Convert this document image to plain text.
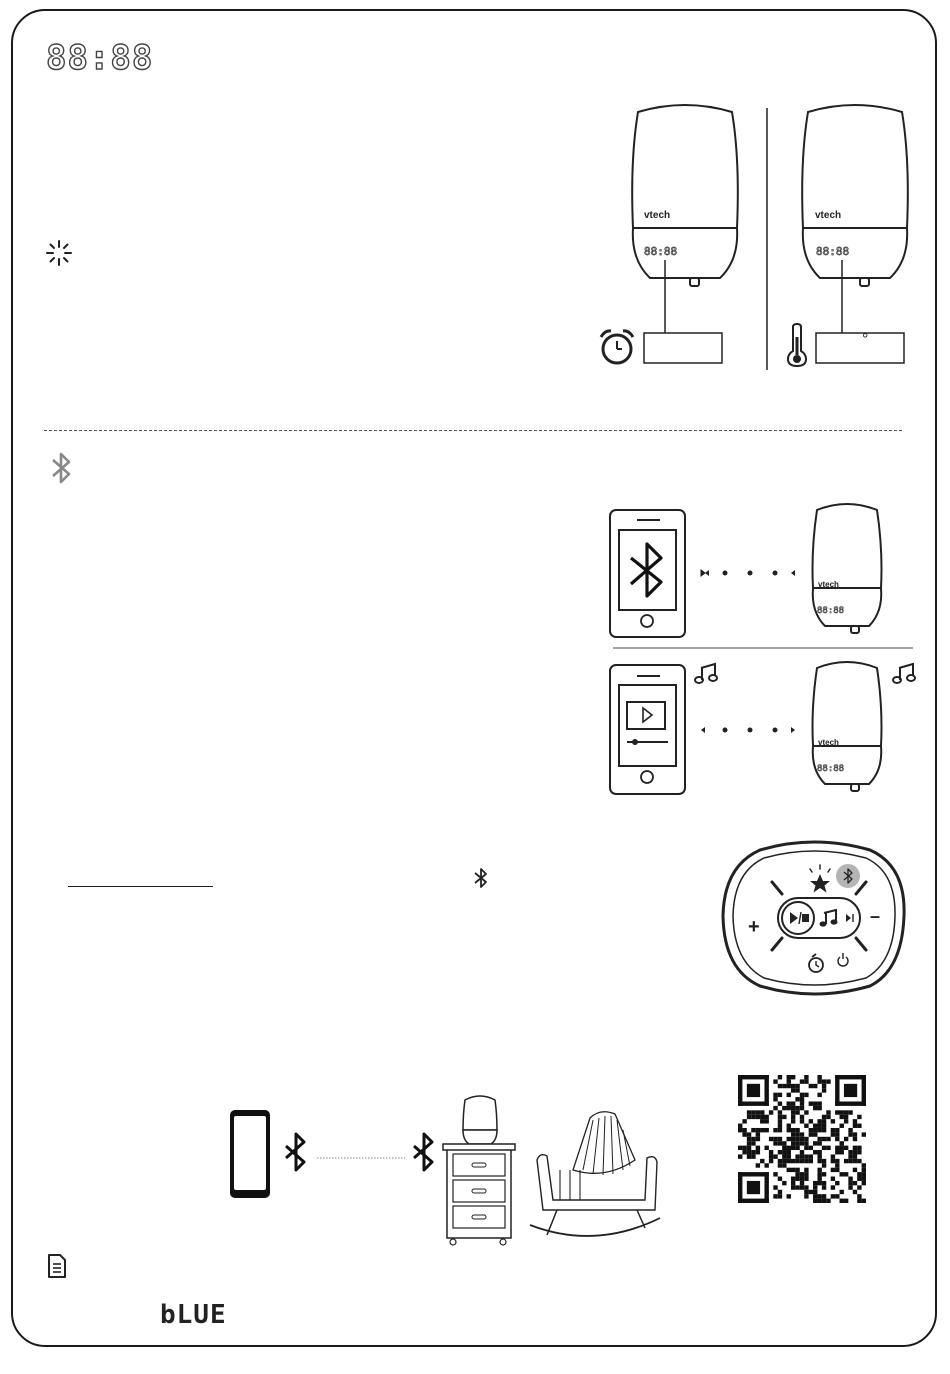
88:88
vtech	vtech
88:88	88:88
°
vtech
88:88
vtech
88:88
+	–
bLUE
